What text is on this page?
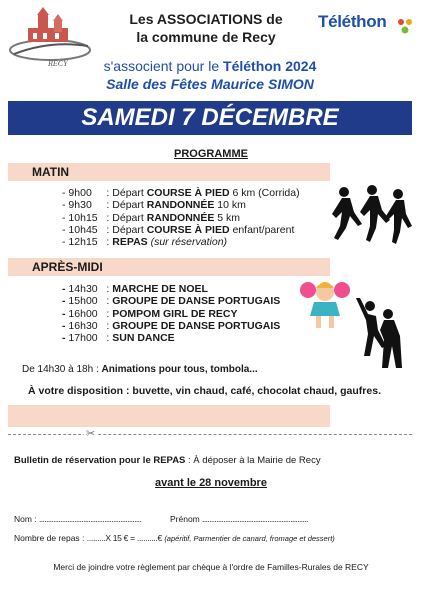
RECY
Les ASSOCIATIONS de
la commune de Recy
Téléthon
s'associent pour le Téléthon 2024
Salle des Fêtes Maurice SIMON
SAMEDI 7 DÉCEMBRE
PROGRAMME
MATIN
- 9h00 : Départ COURSE À PIED 6 km (Corrida)
- 9h30 : Départ RANDONNÉE 10 km
- 10h15 : Départ RANDONNÉE 5 km
- 10h45 : Départ COURSE À PIED enfant/parent
- 12h15 : REPAS (sur réservation)
APRÈS-MIDI
- 14h30 : MARCHE DE NOEL
- 15h00 : GROUPE DE DANSE PORTUGAIS
- 16h00 : POMPOM GIRL DE RECY
- 16h30 : GROUPE DE DANSE PORTUGAIS
- 17h00 : SUN DANCE
De 14h30 à 18h : Animations pour tous, tombola...
À votre disposition : buvette, vin chaud, café, chocolat chaud, gaufres.
✂
Bulletin de réservation pour le REPAS : À déposer à la Mairie de Recy
avant le 28 novembre
Nom : ..........................................................	Prénom ............................................................
Nombre de repas : .........X 15 € = ..........€ (apéritif, Parmentier de canard, fromage et dessert)
Merci de joindre votre règlement par chèque à l'ordre de Familles-Rurales de RECY
